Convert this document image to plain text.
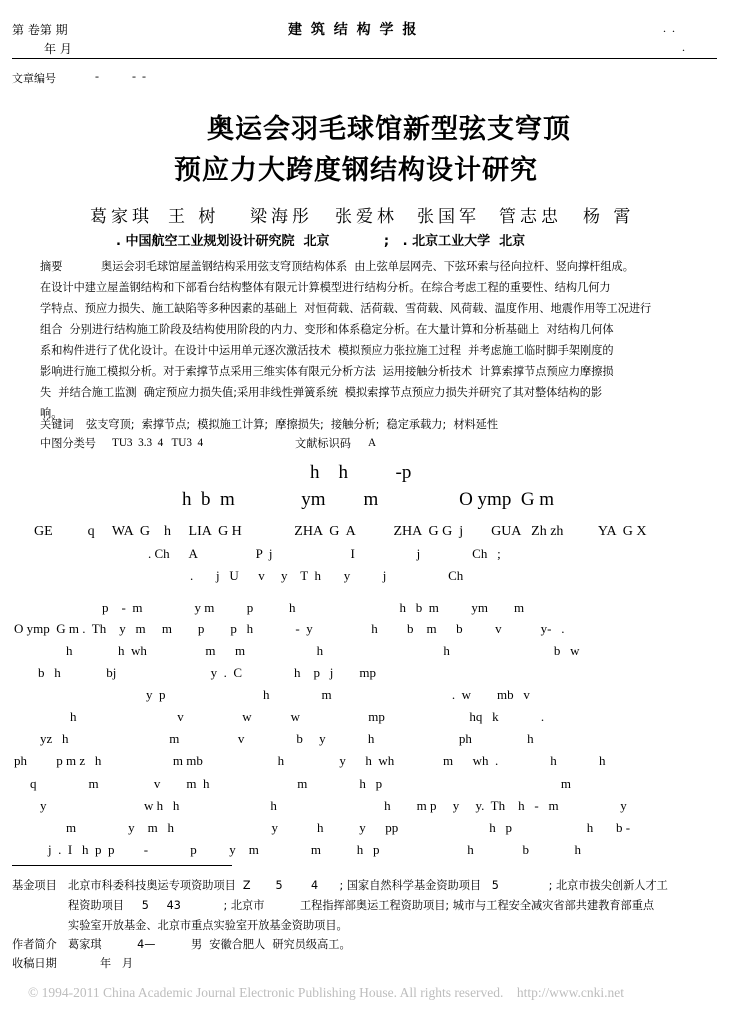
第 卷第 期
年 月
建 筑 结 构 学 报	.  .
.
文章编号	-           -  -
奥运会羽毛球馆新型弦支穹顶
预应力大跨度钢结构设计研究
葛家琪 王 树 梁海彤 张爱林 张国军 管志忠 杨 霄
. 中国航空工业规划设计研究院  北京            ;   . 北京工业大学  北京
摘要	奥运会羽毛球馆屋盖钢结构采用弦支穹顶结构体系  由上弦单层网壳、下弦环索与径向拉杆、竖向撑杆组成。
在设计中建立屋盖钢结构和下部看台结构整体有限元计算模型进行结构分析。在综合考虑工程的重要性、结构几何力
学特点、预应力损失、施工缺陷等多种因素的基础上  对恒荷载、活荷载、雪荷载、风荷载、温度作用、地震作用等工况进行
组合  分别进行结构施工阶段及结构使用阶段的内力、变形和体系稳定分析。在大量计算和分析基础上  对结构几何体
系和构件进行了优化设计。在设计中运用单元逐次激活技术  模拟预应力张拉施工过程  并考虑施工临时脚手架刚度的
影响进行施工模拟分析。对于索撑节点采用三维实体有限元分析方法  运用接触分析技术  计算索撑节点预应力摩擦损
失  并结合施工监测  确定预应力损失值;采用非线性弹簧系统  模拟索撑节点预应力损失并研究了其对整体结构的影
响。
关键词 弦支穹顶;  索撑节点;  模拟施工计算;  摩擦损失;  接触分析;  稳定承载力;  材料延性
中图分类号 TU3  3.3  4   TU3  4	文献标识码 A
h    h          -p
h  b  m              ym        m                 O ymp  G m
GE          q     WA  G    h     LIA  G H               ZHA  G  A           ZHA  G G  j        GUA   Zh zh          YA  G X
. Ch      A                  P  j                        I                   j                Ch   ;
.       j   U      v     y    T  h       y          j                   Ch
p    -  m                y m          p           h                                h   b  m          ym        m
O ymp  G m .  Th    y   m     m        p        p   h             -  y                  h         b    m      b          v            y-   .
h              h  wh                  m      m                      h                                     h                                b   w
b   h              bj                             y  .  C                h    p   j        mp
y  p                              h                m                                     .  w        mb   v
h                               v                  w            w                     mp                          hq   k             .
yz   h                               m                  v                b     y             h                          ph                 h
ph         p m z   h                      m mb                       h                 y      h  wh               m      wh  .                h             h
q                m                 v        m  h                           m                h   p                                                       m
y                              w h   h                            h                                 h        m p     y     y.  Th    h   -   m                   y
m                y    m   h                              y            h           y      pp                            h   p                       h       b -
j  .  I   h  p  p         -             p          y    m                m           h   p                           h               b              h
基金项目 北京市科委科技奥运专项资助项目  Z       5        4      ; 国家自然科学基金资助项目   5              ; 北京市拔尖创新人才工
程资助项目     5     43            ; 北京市          工程指挥部奥运工程资助项目; 城市与工程安全减灾省部共建教育部重点
实验室开放基金、北京市重点实验室开放基金资助项目。
作者简介 葛家琪          4—          男  安徽合肥人  研究员级高工。
收稿日期	年   月
© 1994-2011 China Academic Journal Electronic Publishing House. All rights reserved.    http://www.cnki.net
